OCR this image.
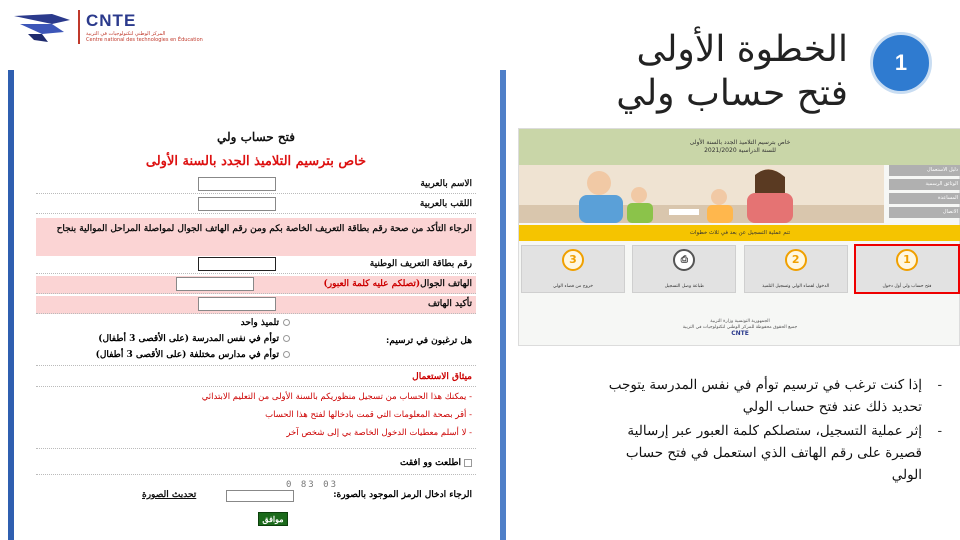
CNTE
المركز الوطني لتكنولوجيات في التربية
Centre national des technologies en Éducation	الخطوة الأولى
فتح حساب ولي
1
فتح حساب ولي
خاص بترسيم التلاميذ الجدد بالسنة الأولى
الاسم بالعربية
اللقب بالعربية
الرجاء التأكد من صحة رقم بطاقة التعريف الخاصة بكم ومن رقم الهاتف الجوال لمواصلة المراحل الموالية بنجاح
رقم بطاقة التعريف الوطنية
الهاتف الجوال(تصلكم عليه كلمة العبور)
تأكيد الهاتف
هل ترغبون في ترسيم:
تلميذ واحد
توأم في نفس المدرسة (على الأقصى 3 أطفال)
توأم في مدارس مختلفة (على الأقصى 3 أطفال)
ميثاق الاستعمال
- يمكنك هذا الحساب من تسجيل منظوريكم بالسنة الأولى من التعليم الابتدائي
- أقر بصحة المعلومات التي قمت بادخالها لفتح هذا الحساب
- لا أسلم معطيات الدخول الخاصة بي إلى شخص آخر
اطلعت وو افقت
الرجاء ادخال الرمز الموجود بالصورة:
03 83 0
تحديث الصورة
موافق
خاص بترسيم التلاميذ الجدد بالسنة الأولى
للسنة الدراسية 2021/2020
دليل الاستعمال
الوثائق الرسمية
المساعدة
الاتصال
تتم عملية التسجيل عن بعد في ثلاث خطوات
3
خروج من فضاء الولي
⎙
طباعة وصل التسجيل
2
الدخول لفضاء الولي وتسجيل التلميذ
1
فتح حساب ولي أول دخول
الجمهورية التونسية وزارة التربية
جميع الحقوق محفوظة للمركز الوطني لتكنولوجيات في التربية
CNTE
- إذا كنت ترغب في ترسيم توأم في نفس المدرسة يتوجب تحديد ذلك عند فتح حساب الولي
- إثر عملية التسجيل، ستصلكم كلمة العبور عبر إرسالية قصيرة على رقم الهاتف الذي استعمل في فتح حساب الولي
